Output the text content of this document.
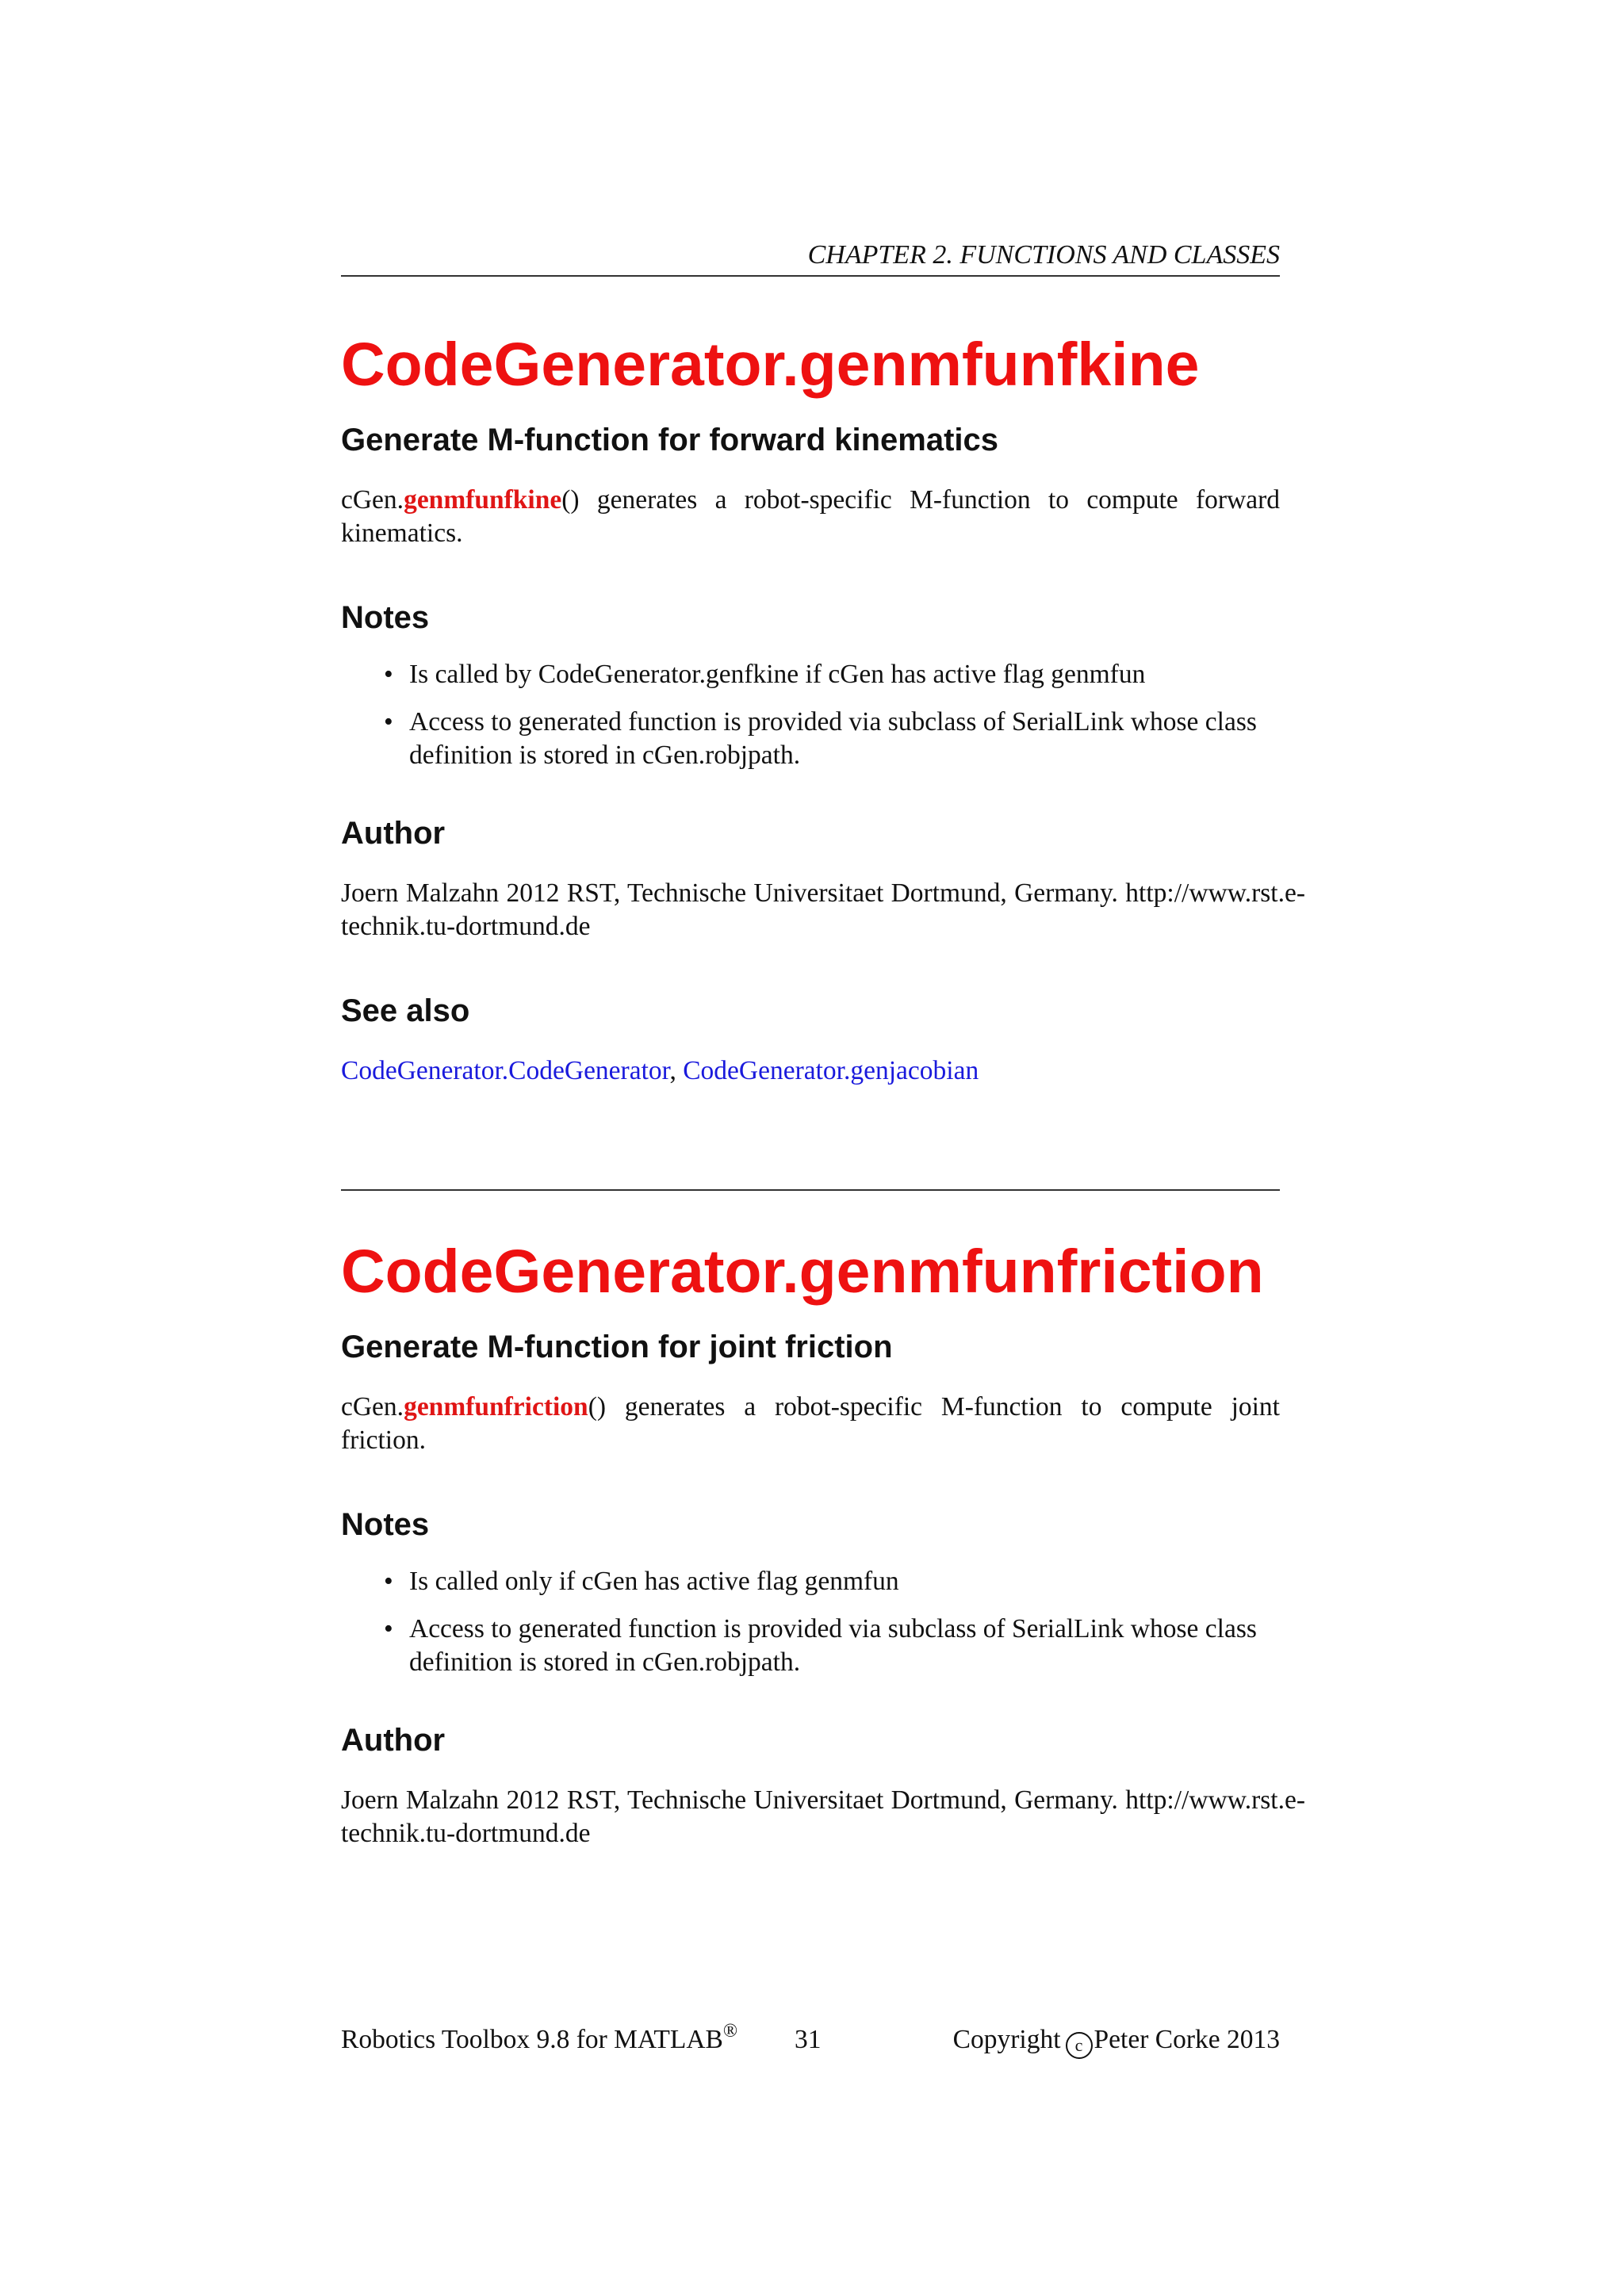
CHAPTER 2. FUNCTIONS AND CLASSES
CodeGenerator.genmfunfkine
Generate M-function for forward kinematics

cGen.genmfunfkine() generates a robot-specific M-function to compute forward kinematics.

Notes
• Is called by CodeGenerator.genfkine if cGen has active flag genmfun
• Access to generated function is provided via subclass of SerialLink whose class definition is stored in cGen.robjpath.
Author

Joern Malzahn 2012 RST, Technische Universitaet Dortmund, Germany. http://www.rst.e-technik.tu-dortmund.de

See also

CodeGenerator.CodeGenerator, CodeGenerator.genjacobian

CodeGenerator.genmfunfriction
Generate M-function for joint friction

cGen.genmfunfriction() generates a robot-specific M-function to compute joint friction.

Notes
• Is called only if cGen has active flag genmfun
• Access to generated function is provided via subclass of SerialLink whose class definition is stored in cGen.robjpath.
Author

Joern Malzahn 2012 RST, Technische Universitaet Dortmund, Germany. http://www.rst.e-technik.tu-dortmund.de

Robotics Toolbox 9.8 for MATLAB® 31	Copyright c Peter Corke 2013
